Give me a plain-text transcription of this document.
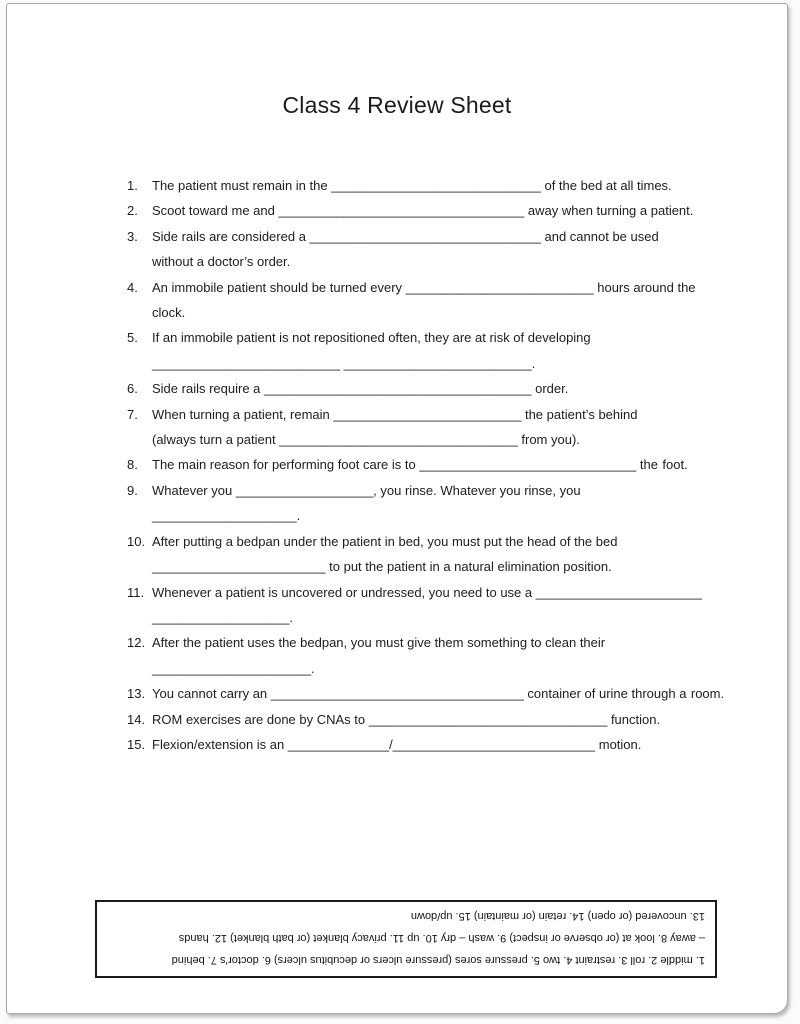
Class 4 Review Sheet
1.	The patient must remain in the _____________________________ of the bed at all times.
2.	Scoot toward me and __________________________________ away when turning a patient.
3.	Side rails are considered a ________________________________ and cannot be used without a doctor’s order.
4.	An immobile patient should be turned every __________________________ hours around the clock.
5.	If an immobile patient is not repositioned often, they are at risk of developing __________________________ __________________________.
6.	Side rails require a _____________________________________ order.
7.	When turning a patient, remain __________________________ the patient’s behind (always turn a patient _________________________________ from you).
8.	The main reason for performing foot care is to ______________________________ the foot.
9.	Whatever you ___________________, you rinse. Whatever you rinse, you ____________________.
10. After putting a bedpan under the patient in bed, you must put the head of the bed ________________________ to put the patient in a natural elimination position.
11. Whenever a patient is uncovered or undressed, you need to use a _______________________ ___________________.
12. After the patient uses the bedpan, you must give them something to clean their ______________________.
13. You cannot carry an ___________________________________ container of urine through a room.
14. ROM exercises are done by CNAs to _________________________________ function.
15. Flexion/extension is an ______________/____________________________ motion.
1. middle 2. roll 3. restraint 4. two 5. pressure sores (pressure ulcers or decubitus ulcers) 6. doctor’s 7. behind
– away 8. look at (or observe or inspect) 9. wash – dry 10. up 11. privacy blanket (or bath blanket) 12. hands
13. uncovered (or open) 14. retain (or maintain) 15. up/down
